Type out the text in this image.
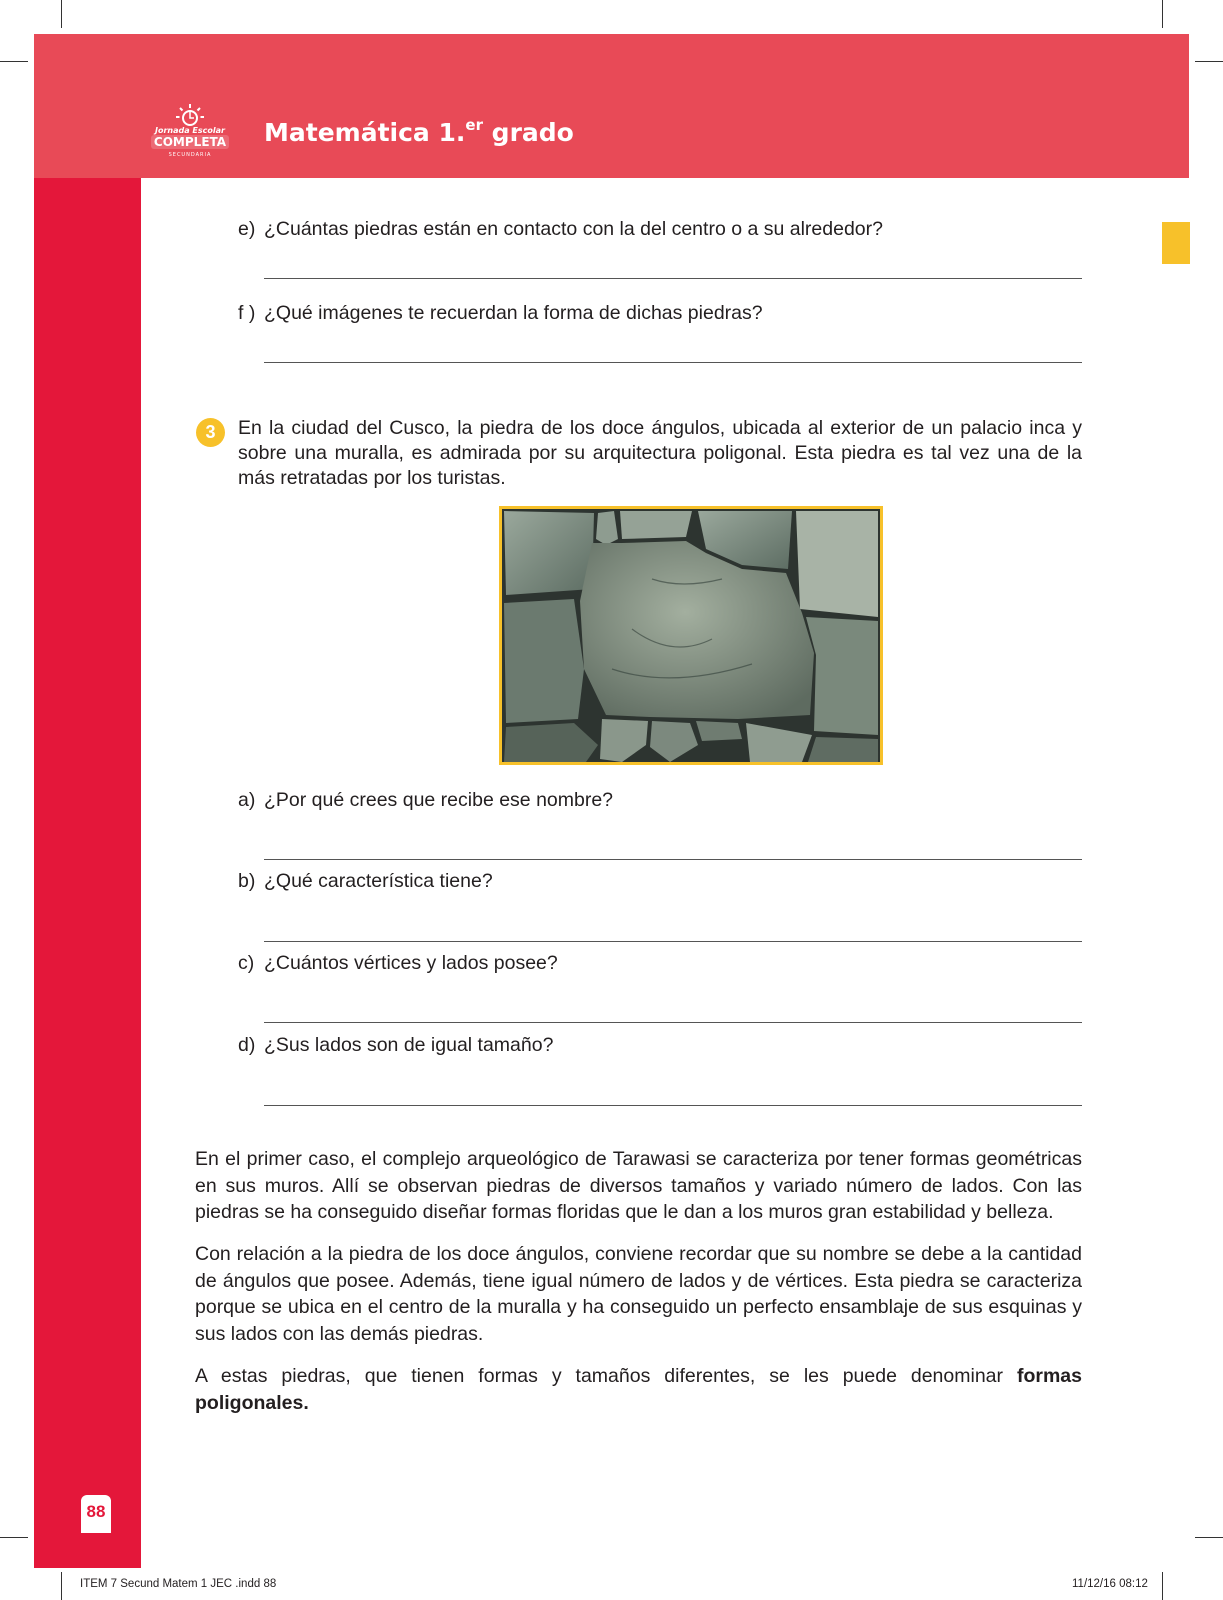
Jornada Escolar
COMPLETA
SECUNDARIA
Matemática 1.$^{er}$ grado
e) ¿Cuántas piedras están en contacto con la del centro o a su alrededor?
f ) ¿Qué imágenes te recuerdan la forma de dichas piedras?
3	En la ciudad del Cusco, la piedra de los doce ángulos, ubicada al exterior de un palacio inca y sobre una muralla, es admirada por su arquitectura poligonal. Esta piedra es tal vez una de la más retratadas por los turistas.

a) ¿Por qué crees que recibe ese nombre?
b) ¿Qué característica tiene?
c) ¿Cuántos vértices y lados posee?
d) ¿Sus lados son de igual tamaño?

En el primer caso, el complejo arqueológico de Tarawasi se caracteriza por tener formas geométricas en sus muros. Allí se observan piedras de diversos tamaños y variado número de lados. Con las piedras se ha conseguido diseñar formas floridas que le dan a los muros gran estabilidad y belleza.

Con relación a la piedra de los doce ángulos, conviene recordar que su nombre se debe a la cantidad de ángulos que posee. Además, tiene igual número de lados y de vértices. Esta piedra se caracteriza porque se ubica en el centro de la muralla y ha conseguido un perfecto ensamblaje de sus esquinas y sus lados con las demás piedras.

A estas piedras, que tienen formas y tamaños diferentes, se les puede denominar formas poligonales.

88
ITEM 7 Secund Matem 1 JEC .indd 88	11/12/16 08:12
